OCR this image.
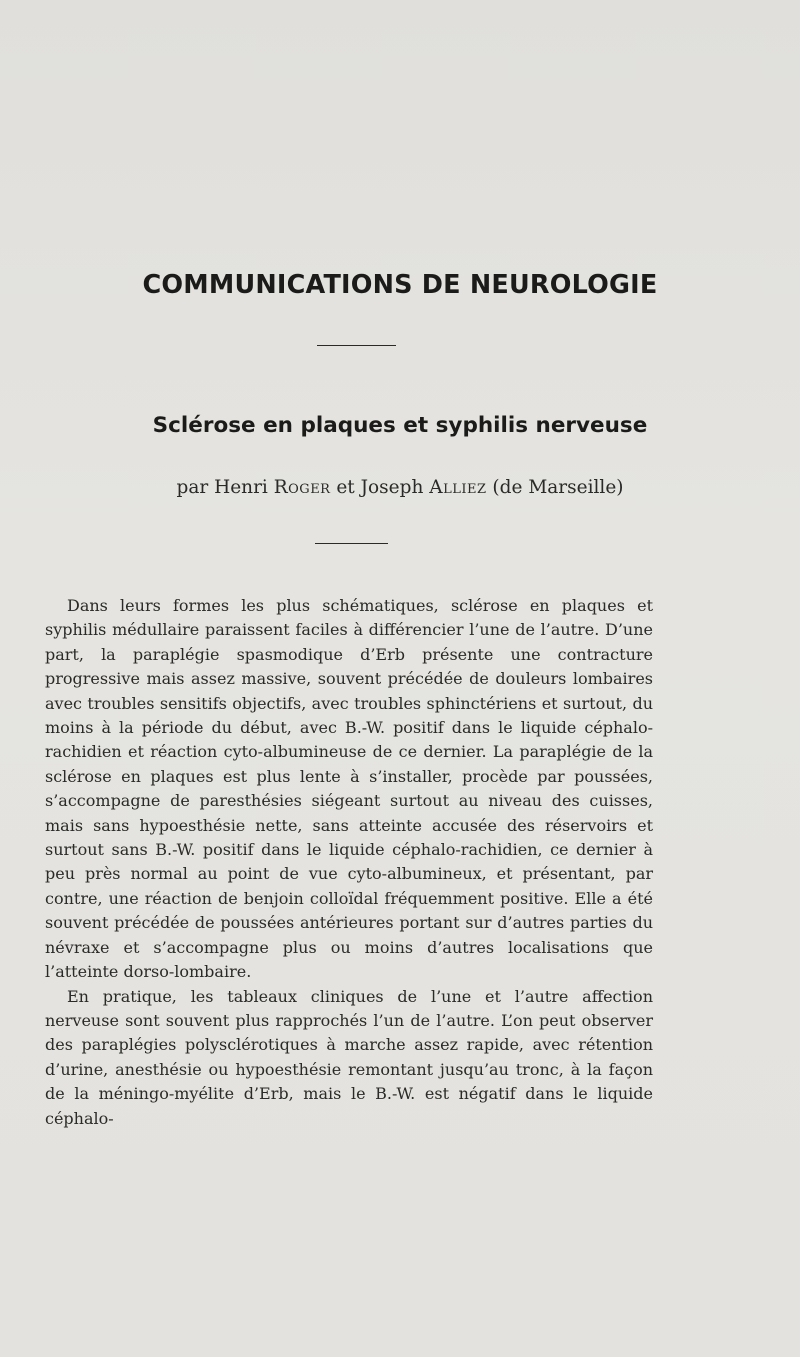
COMMUNICATIONS DE NEUROLOGIE
Sclérose en plaques et syphilis nerveuse
par Henri Roger et Joseph Alliez (de Marseille)

Dans leurs formes les plus schématiques, sclérose en plaques et syphilis médullaire paraissent faciles à différencier l’une de l’autre. D’une part, la paraplégie spasmodique d’Erb présente une contracture progressive mais assez massive, souvent précédée de douleurs lombaires avec troubles sensitifs objectifs, avec troubles sphinctériens et surtout, du moins à la période du début, avec B.-W. positif dans le liquide céphalo-rachidien et réaction cyto-albumineuse de ce dernier. La paraplégie de la sclérose en plaques est plus lente à s’installer, procède par poussées, s’accompagne de paresthésies siégeant surtout au niveau des cuisses, mais sans hypoesthésie nette, sans atteinte accusée des réservoirs et surtout sans B.-W. positif dans le liquide céphalo-rachidien, ce dernier à peu près normal au point de vue cyto-albumineux, et présentant, par contre, une réaction de benjoin colloïdal fréquemment positive. Elle a été souvent précédée de poussées antérieures portant sur d’autres parties du névraxe et s’accompagne plus ou moins d’autres localisations que l’atteinte dorso-lombaire.

En pratique, les tableaux cliniques de l’une et l’autre affection nerveuse sont souvent plus rapprochés l’un de l’autre. L’on peut observer des paraplégies polysclérotiques à marche assez rapide, avec rétention d’urine, anesthésie ou hypoesthésie remontant jusqu’au tronc, à la façon de la méningo-myélite d’Erb, mais le B.-W. est négatif dans le liquide céphalo-
